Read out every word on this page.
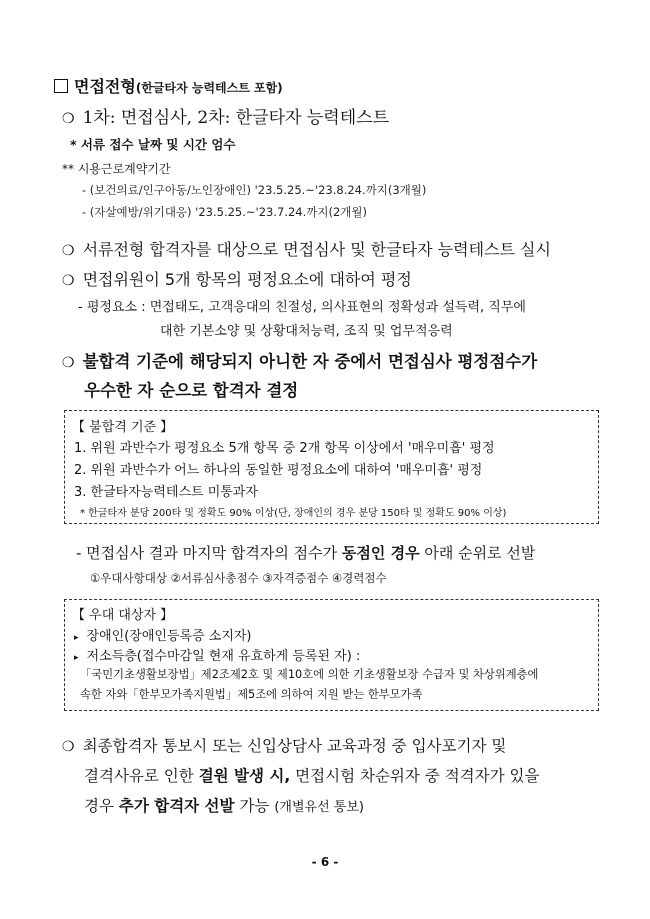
면접전형(한글타자 능력테스트 포함)
❍ 1차: 면접심사, 2차: 한글타자 능력테스트
* 서류 접수 날짜 및 시간 엄수
** 시용근로계약기간
- (보건의료/인구아동/노인장애인) '23.5.25.~'23.8.24.까지(3개월)
- (자살예방/위기대응) '23.5.25.~'23.7.24.까지(2개월)
❍ 서류전형 합격자를 대상으로 면접심사 및 한글타자 능력테스트 실시
❍ 면접위원이 5개 항목의 평정요소에 대하여 평정
- 평정요소 : 면접태도, 고객응대의 친절성, 의사표현의 정확성과 설득력, 직무에
대한 기본소양 및 상황대처능력, 조직 및 업무적응력
❍ 불합격 기준에 해당되지 아니한 자 중에서 면접심사 평정점수가
우수한 자 순으로 합격자 결정
【 불합격 기준 】
1. 위원 과반수가 평정요소 5개 항목 중 2개 항목 이상에서 '매우미흡' 평정
2. 위원 과반수가 어느 하나의 동일한 평정요소에 대하여 '매우미흡' 평정
3. 한글타자능력테스트 미통과자
* 한글타자 분당 200타 및 정확도 90% 이상(단, 장애인의 경우 분당 150타 및 정확도 90% 이상)
- 면접심사 결과 마지막 합격자의 점수가 동점인 경우 아래 순위로 선발
①우대사항대상 ②서류심사총점수 ③자격증점수 ④경력점수
【 우대 대상자 】
▸ 장애인(장애인등록증 소지자)
▸ 저소득층(접수마감일 현재 유효하게 등록된 자) :
「국민기초생활보장법」제2조제2호 및 제10호에 의한 기초생활보장 수급자 및 차상위계층에
속한 자와「한부모가족지원법」제5조에 의하여 지원 받는 한부모가족
❍ 최종합격자 통보시 또는 신입상담사 교육과정 중 입사포기자 및
결격사유로 인한 결원 발생 시, 면접시험 차순위자 중 적격자가 있을
경우 추가 합격자 선발 가능 (개별유선 통보)
- 6 -
